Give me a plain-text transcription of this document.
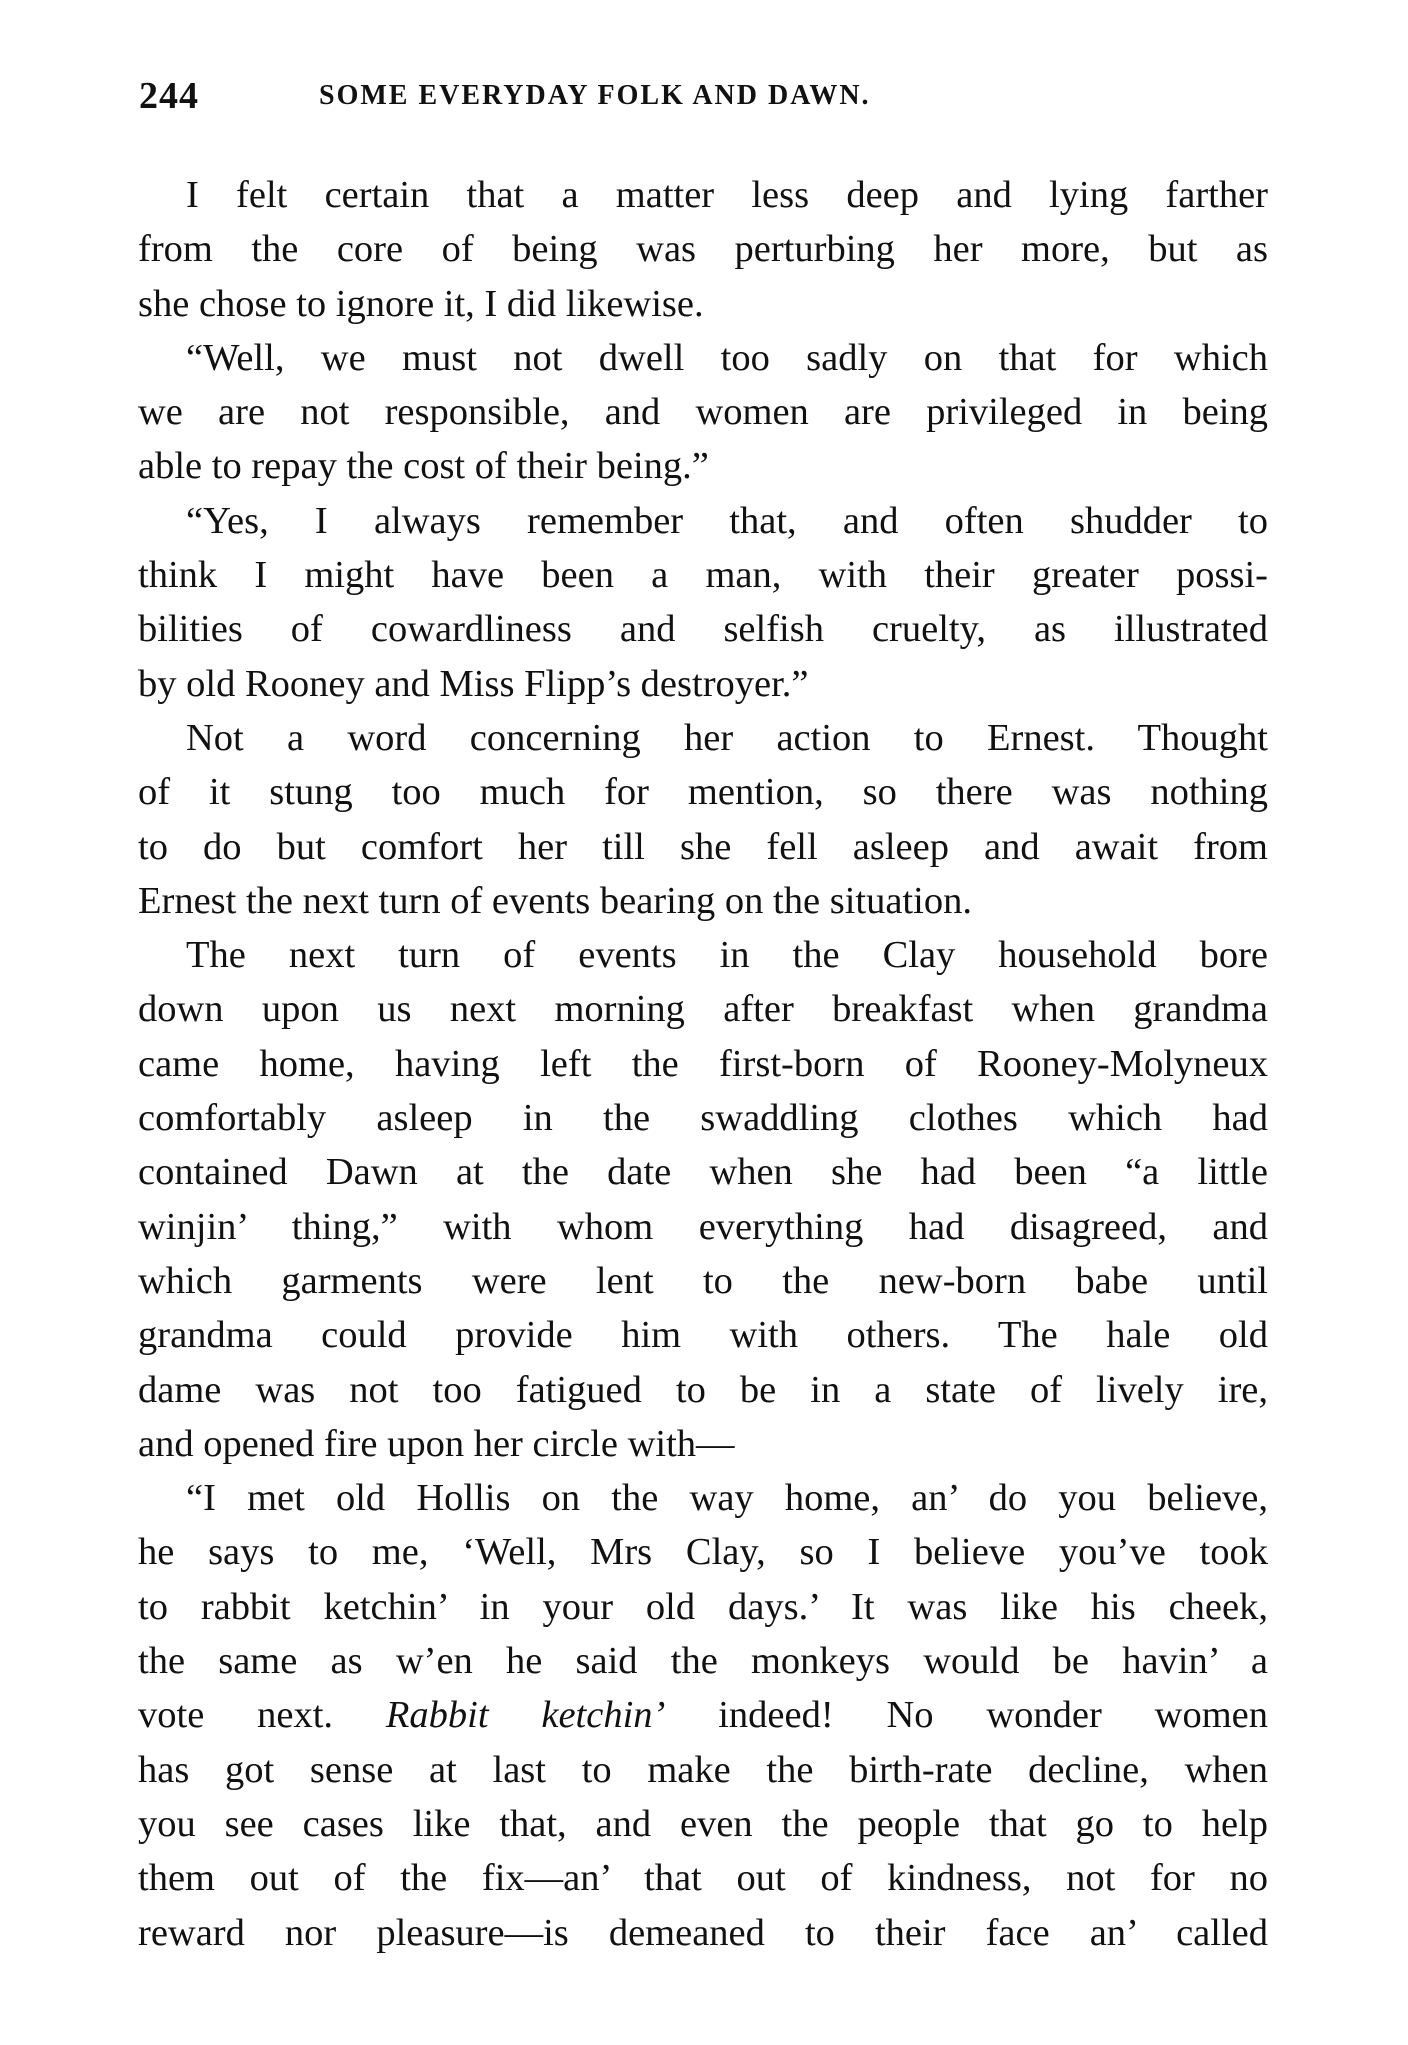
244	SOME EVERYDAY FOLK AND DAWN.
I felt certain that a matter less deep and lying farther
from the core of being was perturbing her more, but as
she chose to ignore it, I did likewise.
“Well, we must not dwell too sadly on that for which
we are not responsible, and women are privileged in being
able to repay the cost of their being.”
“Yes, I always remember that, and often shudder to
think I might have been a man, with their greater possi-
bilities of cowardliness and selfish cruelty, as illustrated
by old Rooney and Miss Flipp’s destroyer.”
Not a word concerning her action to Ernest. Thought
of it stung too much for mention, so there was nothing
to do but comfort her till she fell asleep and await from
Ernest the next turn of events bearing on the situation.
The next turn of events in the Clay household bore
down upon us next morning after breakfast when grandma
came home, having left the first-born of Rooney-Molyneux
comfortably asleep in the swaddling clothes which had
contained Dawn at the date when she had been “a little
winjin’ thing,” with whom everything had disagreed, and
which garments were lent to the new-born babe until
grandma could provide him with others. The hale old
dame was not too fatigued to be in a state of lively ire,
and opened fire upon her circle with—
“I met old Hollis on the way home, an’ do you believe,
he says to me, ‘Well, Mrs Clay, so I believe you’ve took
to rabbit ketchin’ in your old days.’ It was like his cheek,
the same as w’en he said the monkeys would be havin’ a
vote next. Rabbit ketchin’ indeed! No wonder women
has got sense at last to make the birth-rate decline, when
you see cases like that, and even the people that go to help
them out of the fix—an’ that out of kindness, not for no
reward nor pleasure—is demeaned to their face an’ called
